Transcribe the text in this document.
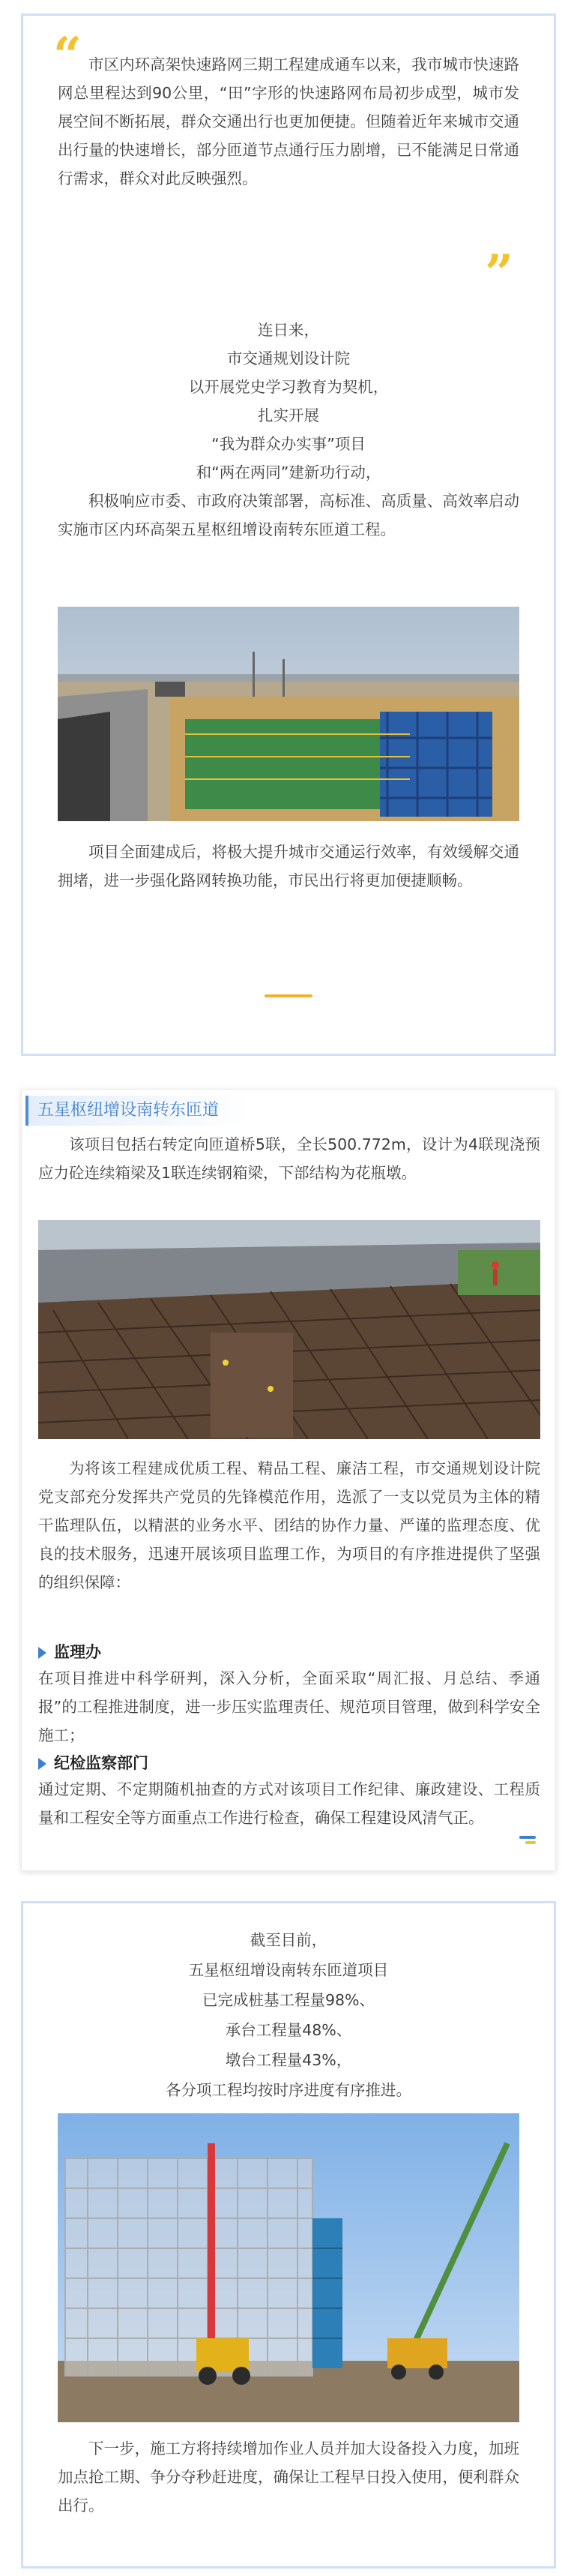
“ 市区内环高架快速路网三期工程建成通车以来，我市城市快速路网总里程达到90公里，“田”字形的快速路网布局初步成型，城市发展空间不断拓展，群众交通出行也更加便捷。但随着近年来城市交通出行量的快速增长，部分匝道节点通行压力剧增，已不能满足日常通行需求，群众对此反映强烈。

”

连日来，

市交通规划设计院

以开展党史学习教育为契机，

扎实开展

“我为群众办实事”项目

和“两在两同”建新功行动，

积极响应市委、市政府决策部署，高标准、高质量、高效率启动实施市区内环高架五星枢纽增设南转东匝道工程。

项目全面建成后，将极大提升城市交通运行效率，有效缓解交通拥堵，进一步强化路网转换功能，市民出行将更加便捷顺畅。

五星枢纽增设南转东匝道

该项目包括右转定向匝道桥5联，全长500.772m，设计为4联现浇预应力砼连续箱梁及1联连续钢箱梁，下部结构为花瓶墩。

为将该工程建成优质工程、精品工程、廉洁工程，市交通规划设计院党支部充分发挥共产党员的先锋模范作用，选派了一支以党员为主体的精干监理队伍，以精湛的业务水平、团结的协作力量、严谨的监理态度、优良的技术服务，迅速开展该项目监理工作，为项目的有序推进提供了坚强的组织保障：

监理办

在项目推进中科学研判，深入分析，全面采取“周汇报、月总结、季通报”的工程推进制度，进一步压实监理责任、规范项目管理，做到科学安全施工；

纪检监察部门

通过定期、不定期随机抽查的方式对该项目工作纪律、廉政建设、工程质量和工程安全等方面重点工作进行检查，确保工程建设风清气正。

截至目前，

五星枢纽增设南转东匝道项目

已完成桩基工程量98%、

承台工程量48%、

墩台工程量43%，

各分项工程均按时序进度有序推进。

下一步，施工方将持续增加作业人员并加大设备投入力度，加班加点抢工期、争分夺秒赶进度，确保让工程早日投入使用，便利群众出行。
